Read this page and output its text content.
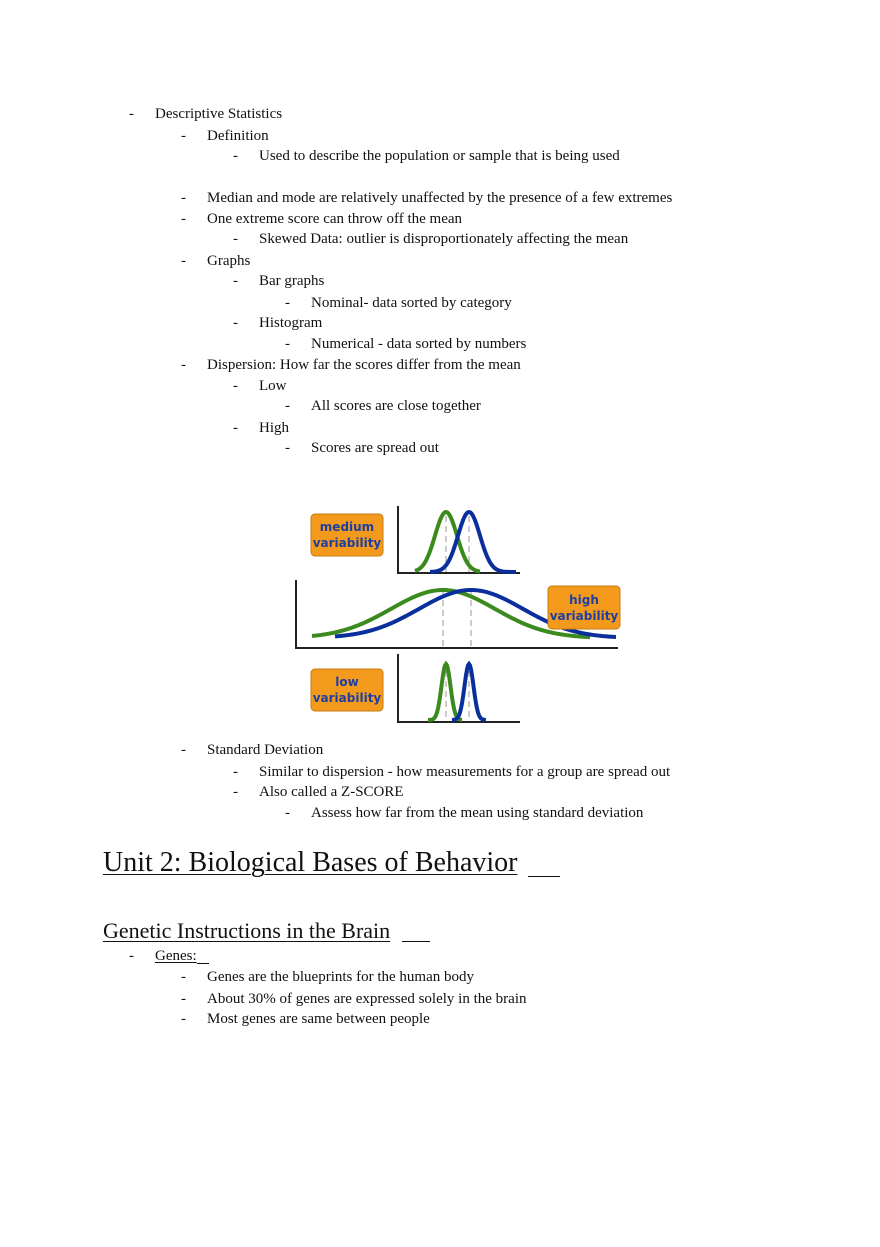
- Descriptive Statistics
- Definition
- Used to describe the population or sample that is being used
- Median and mode are relatively unaffected by the presence of a few extremes
- One extreme score can throw off the mean
- Skewed Data: outlier is disproportionately affecting the mean
- Graphs
- Bar graphs
- Nominal- data sorted by category
- Histogram
- Numerical - data sorted by numbers
- Dispersion: How far the scores differ from the mean
- Low
- All scores are close together
- High
- Scores are spread out
medium
variability
high
variability
low
variability
- Standard Deviation
- Similar to dispersion - how measurements for a group are spread out
- Also called a Z-SCORE
- Assess how far from the mean using standard deviation
Unit 2: Biological Bases of Behavior
Genetic Instructions in the Brain
- Genes:
- Genes are the blueprints for the human body
- About 30% of genes are expressed solely in the brain
- Most genes are same between people
